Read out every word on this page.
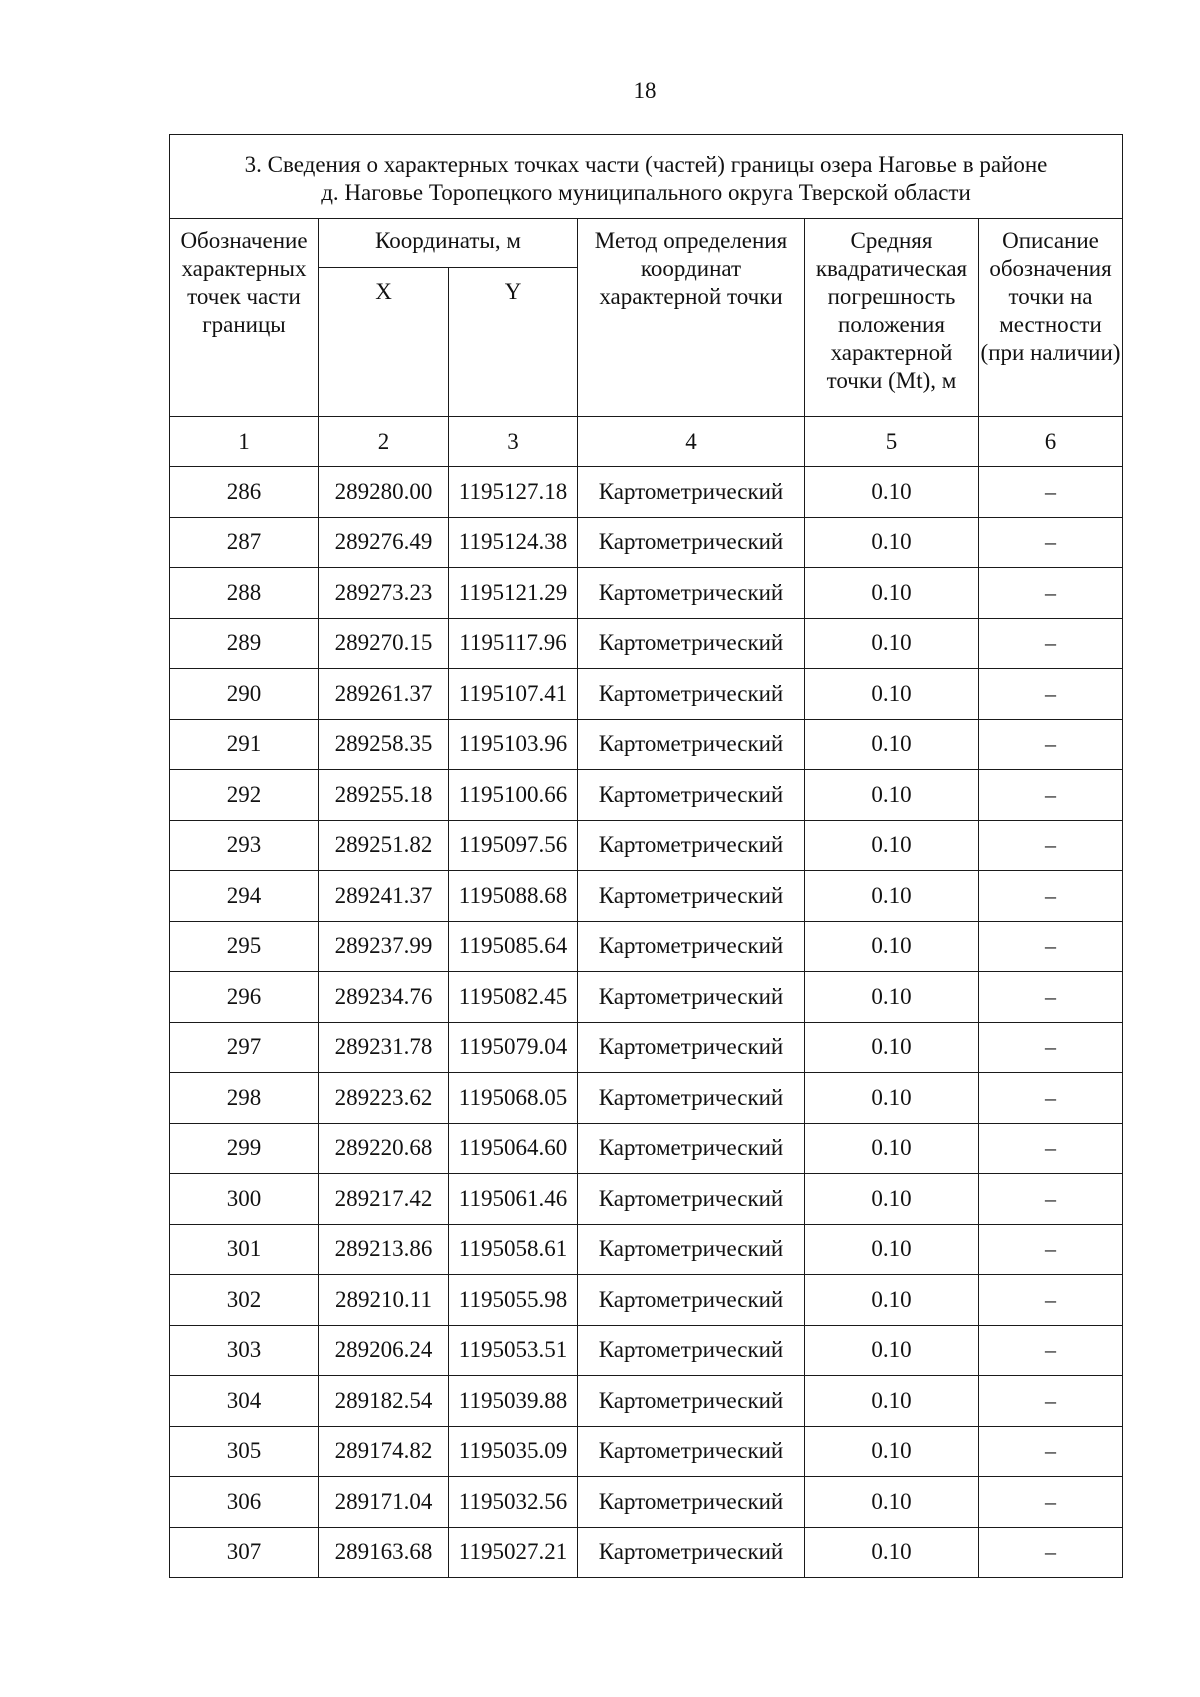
18
3. Сведения о характерных точках части (частей) границы озера Наговье в районе
д. Наговье Торопецкого муниципального округа Тверской области					
Обозначение характерных точек части границы	Координаты, м		Метод определения координат характерной точки	Средняя квадратическая погрешность положения характерной точки (Mt), м	Описание обозначения точки на местности (при наличии)
	X	Y			
1	2	3	4	5	6
286	289280.00	1195127.18	Картометрический	0.10	–
287	289276.49	1195124.38	Картометрический	0.10	–
288	289273.23	1195121.29	Картометрический	0.10	–
289	289270.15	1195117.96	Картометрический	0.10	–
290	289261.37	1195107.41	Картометрический	0.10	–
291	289258.35	1195103.96	Картометрический	0.10	–
292	289255.18	1195100.66	Картометрический	0.10	–
293	289251.82	1195097.56	Картометрический	0.10	–
294	289241.37	1195088.68	Картометрический	0.10	–
295	289237.99	1195085.64	Картометрический	0.10	–
296	289234.76	1195082.45	Картометрический	0.10	–
297	289231.78	1195079.04	Картометрический	0.10	–
298	289223.62	1195068.05	Картометрический	0.10	–
299	289220.68	1195064.60	Картометрический	0.10	–
300	289217.42	1195061.46	Картометрический	0.10	–
301	289213.86	1195058.61	Картометрический	0.10	–
302	289210.11	1195055.98	Картометрический	0.10	–
303	289206.24	1195053.51	Картометрический	0.10	–
304	289182.54	1195039.88	Картометрический	0.10	–
305	289174.82	1195035.09	Картометрический	0.10	–
306	289171.04	1195032.56	Картометрический	0.10	–
307	289163.68	1195027.21	Картометрический	0.10	–
